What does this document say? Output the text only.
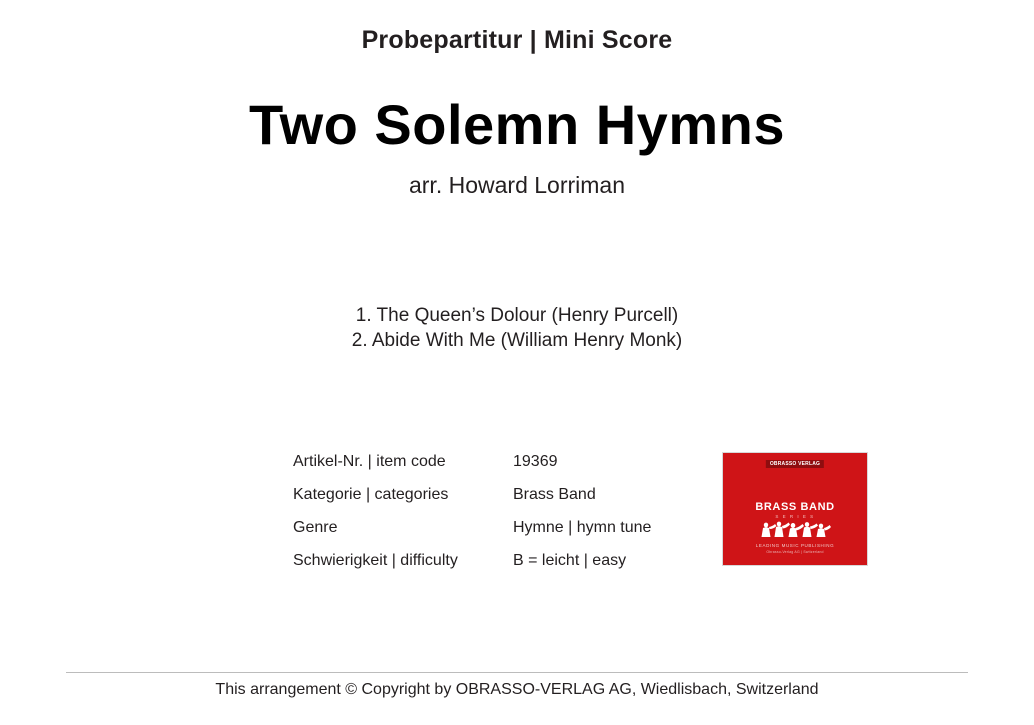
Probepartitur | Mini Score
Two Solemn Hymns
arr. Howard Lorriman
1. The Queen’s Dolour (Henry Purcell)
2. Abide With Me (William Henry Monk)
Artikel-Nr. | item code	19369
Kategorie | categories	Brass Band
Genre	Hymne | hymn tune
Schwierigkeit | difficulty	B = leicht | easy
OBRASSO VERLAG
BRASS BAND
S E R I E S
LEADING MUSIC PUBLISHING
Obrasso-Verlag AG | Switzerland
This arrangement © Copyright by OBRASSO-VERLAG AG, Wiedlisbach, Switzerland
